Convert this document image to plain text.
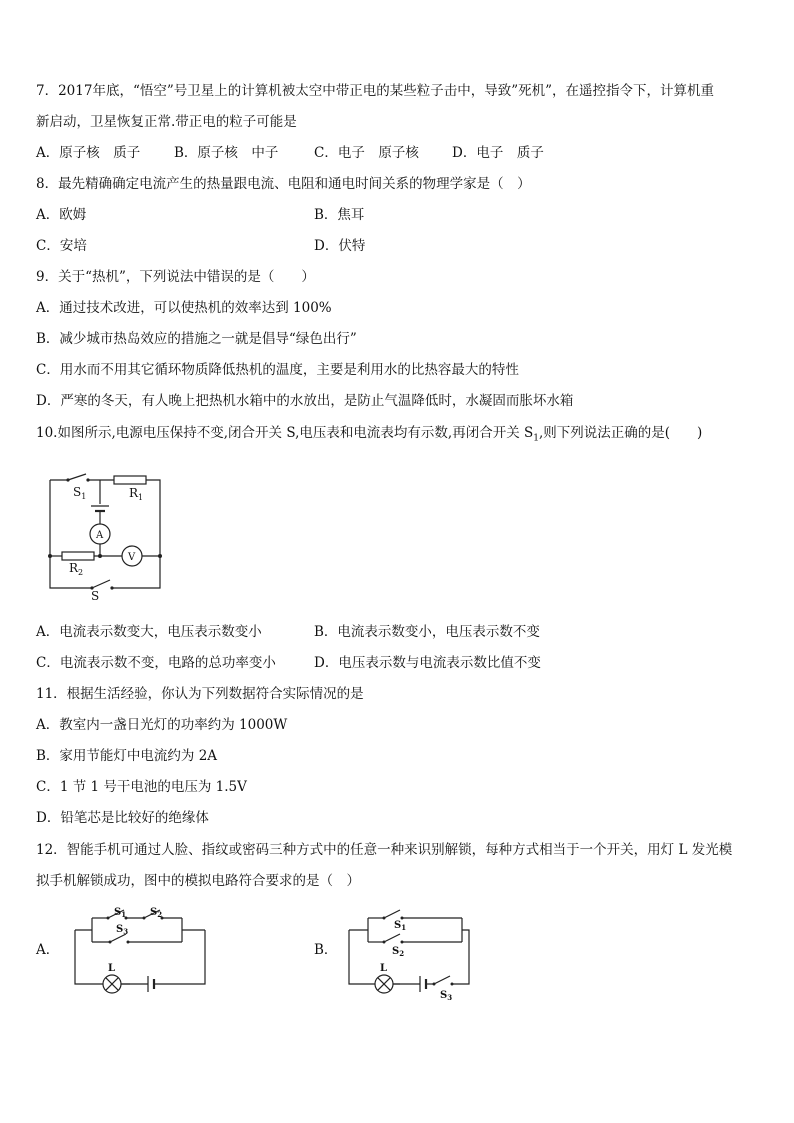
7．2017年底，“悟空”号卫星上的计算机被太空中带正电的某些粒子击中，导致”死机”，在遥控指令下，计算机重
新启动，卫星恢复正常.带正电的粒子可能是
A．原子核　质子	B．原子核　中子	C．电子　原子核 D．电子　质子
8．最先精确确定电流产生的热量跟电流、电阻和通电时间关系的物理学家是（　）
A．欧姆	B．焦耳
C．安培	D．伏特
9．关于“热机”，下列说法中错误的是（　　）
A．通过技术改进，可以使热机的效率达到 100%
B．减少城市热岛效应的措施之一就是倡导“绿色出行”
C．用水而不用其它循环物质降低热机的温度，主要是利用水的比热容最大的特性
D．严寒的冬天，有人晚上把热机水箱中的水放出，是防止气温降低时，水凝固而胀坏水箱
10.如图所示,电源电压保持不变,闭合开关 S,电压表和电流表均有示数,再闭合开关 $S_1$,则下列说法正确的是(　　)
$S_1$	$R_1$
A
V
$R_2$
S
A．电流表示数变大，电压表示数变小	B．电流表示数变小，电压表示数不变
C．电流表示数不变，电路的总功率变小	D．电压表示数与电流表示数比值不变
11．根据生活经验，你认为下列数据符合实际情况的是
A．教室内一盏日光灯的功率约为 1000W
B．家用节能灯中电流约为 2A
C．1 节 1 号干电池的电压为 1.5V
D．铅笔芯是比较好的绝缘体
12．智能手机可通过人脸、指纹或密码三种方式中的任意一种来识别解锁，每种方式相当于一个开关，用灯 L 发光模
拟手机解锁成功，图中的模拟电路符合要求的是（　）
A．
$S_1$ $S_2$
$S_3$
L
B．
$S_1$
$S_2$
$S_3$
L
